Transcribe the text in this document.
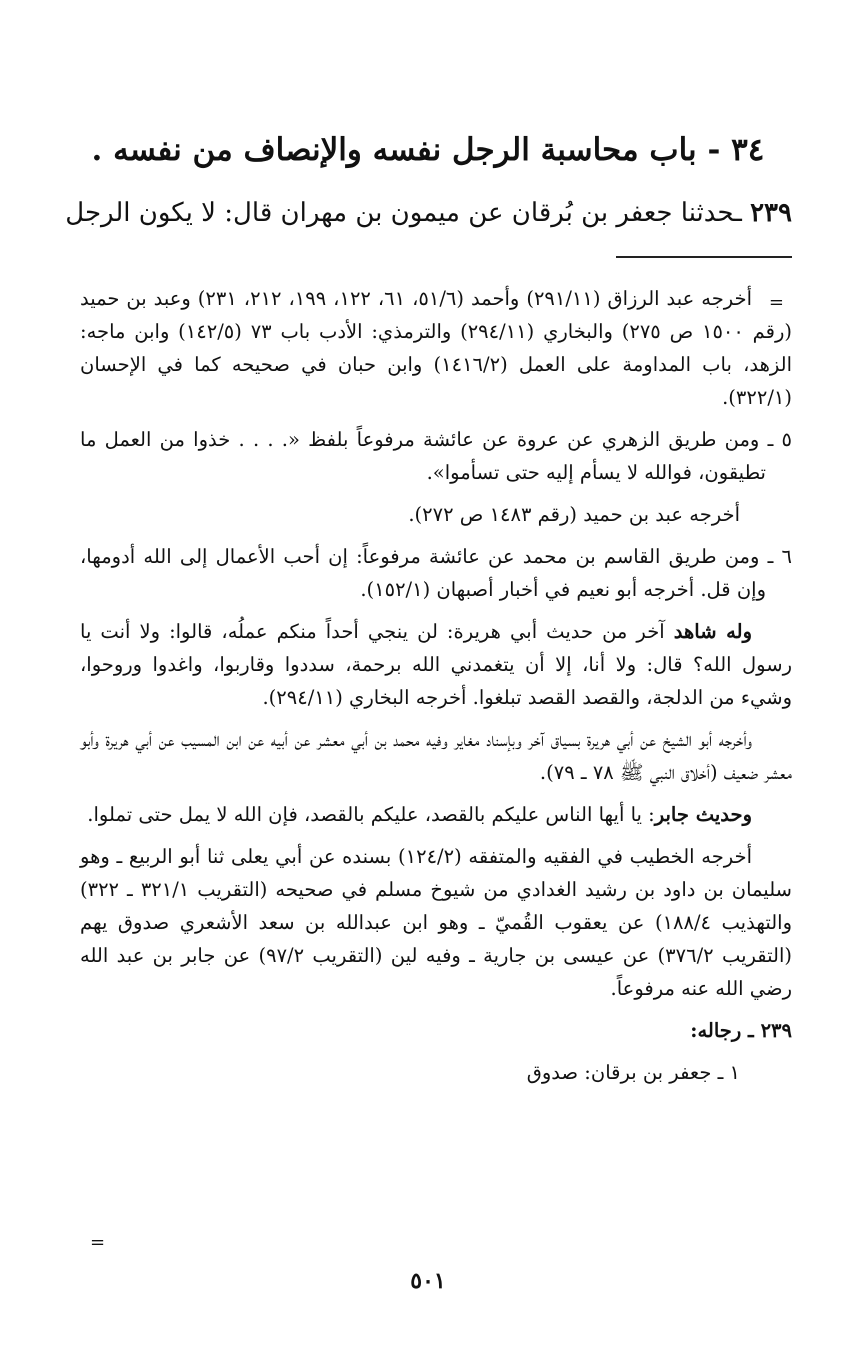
٣٤ - باب محاسبة الرجل نفسه والإنصاف من نفسه .
٢٣٩ ـحدثنا جعفر بن بُرقان عن ميمون بن مهران قال: لا يكون الرجل
=

أخرجه عبد الرزاق (٢٩١/١١) وأحمد (٥١/٦، ٦١، ١٢٢، ١٩٩، ٢١٢، ٢٣١) وعبد بن حميد (رقم ١٥٠٠ ص ٢٧٥) والبخاري (٢٩٤/١١) والترمذي: الأدب باب ٧٣ (١٤٢/٥) وابن ماجه: الزهد، باب المداومة على العمل (١٤١٦/٢) وابن حبان في صحيحه كما في الإحسان (٣٢٢/١).

٥ ـ ومن طريق الزهري عن عروة عن عائشة مرفوعاً بلفظ «. . . . خذوا من العمل ما تطيقون، فوالله لا يسأم إليه حتى تسأموا».

أخرجه عبد بن حميد (رقم ١٤٨٣ ص ٢٧٢).

٦ ـ ومن طريق القاسم بن محمد عن عائشة مرفوعاً: إن أحب الأعمال إلى الله أدومها، وإن قل. أخرجه أبو نعيم في أخبار أصبهان (١٥٢/١).

وله شاهد آخر من حديث أبي هريرة: لن ينجي أحداً منكم عملُه، قالوا: ولا أنت يا رسول الله؟ قال: ولا أنا، إلا أن يتغمدني الله برحمة، سددوا وقاربوا، واغدوا وروحوا، وشيء من الدلجة، والقصد القصد تبلغوا. أخرجه البخاري (٢٩٤/١١).

وأخرجه أبو الشيخ عن أبي هريرة بسياق آخر وبإسناد مغاير وفيه محمد بن أبي معشر عن أبيه عن ابن المسيب عن أبي هريرة وأبو معشر ضعيف (أخلاق النبي ﷺ ٧٨ ـ ٧٩).

وحديث جابر: يا أيها الناس عليكم بالقصد، عليكم بالقصد، فإن الله لا يمل حتى تملوا.

أخرجه الخطيب في الفقيه والمتفقه (١٢٤/٢) بسنده عن أبي يعلى ثنا أبو الربيع ـ وهو سليمان بن داود بن رشيد الغدادي من شيوخ مسلم في صحيحه (التقريب ٣٢١/١ ـ ٣٢٢) والتهذيب ١٨٨/٤) عن يعقوب القُميّ ـ وهو ابن عبدالله بن سعد الأشعري صدوق يهم (التقريب ٣٧٦/٢) عن عيسى بن جارية ـ وفيه لين (التقريب ٩٧/٢) عن جابر بن عبد الله رضي الله عنه مرفوعاً.

٢٣٩ ـ رجاله:

١ ـ جعفر بن برقان: صدوق

=
٥٠١
